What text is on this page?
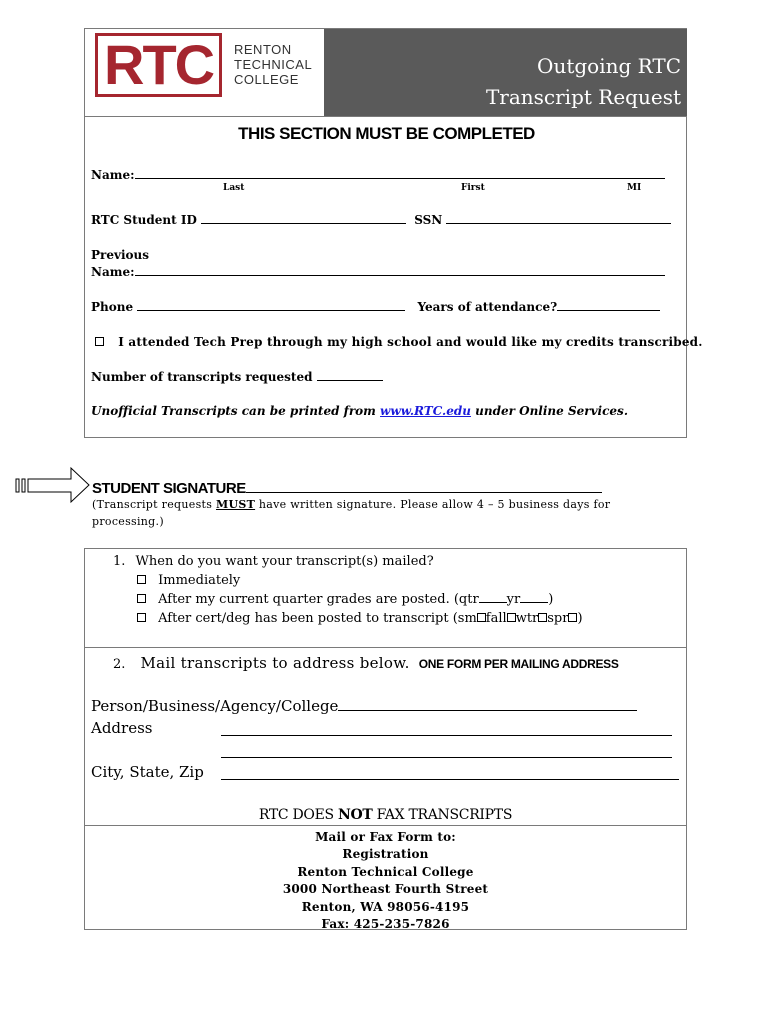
RTC RENTON
TECHNICAL
COLLEGE
Outgoing RTC
Transcript Request
THIS SECTION MUST BE COMPLETED
Name:
Last	First	MI
RTC Student ID	SSN
Previous
Name:
Phone	Years of attendance?
I attended Tech Prep through my high school and would like my credits transcribed.
Number of transcripts requested
Unofficial Transcripts can be printed from www.RTC.edu under Online Services.
STUDENT SIGNATURE
(Transcript requests MUST have written signature. Please allow 4 – 5 business days for
processing.)
1. When do you want your transcript(s) mailed?
Immediately
After my current quarter grades are posted. (qtr yr )
After cert/deg has been posted to transcript (sm fall wtr spr )
2. Mail transcripts to address below. ONE FORM PER MAILING ADDRESS
Person/Business/Agency/College
Address
City, State, Zip
RTC DOES NOT FAX TRANSCRIPTS
Mail or Fax Form to:
Registration
Renton Technical College
3000 Northeast Fourth Street
Renton, WA 98056-4195
Fax: 425-235-7826
